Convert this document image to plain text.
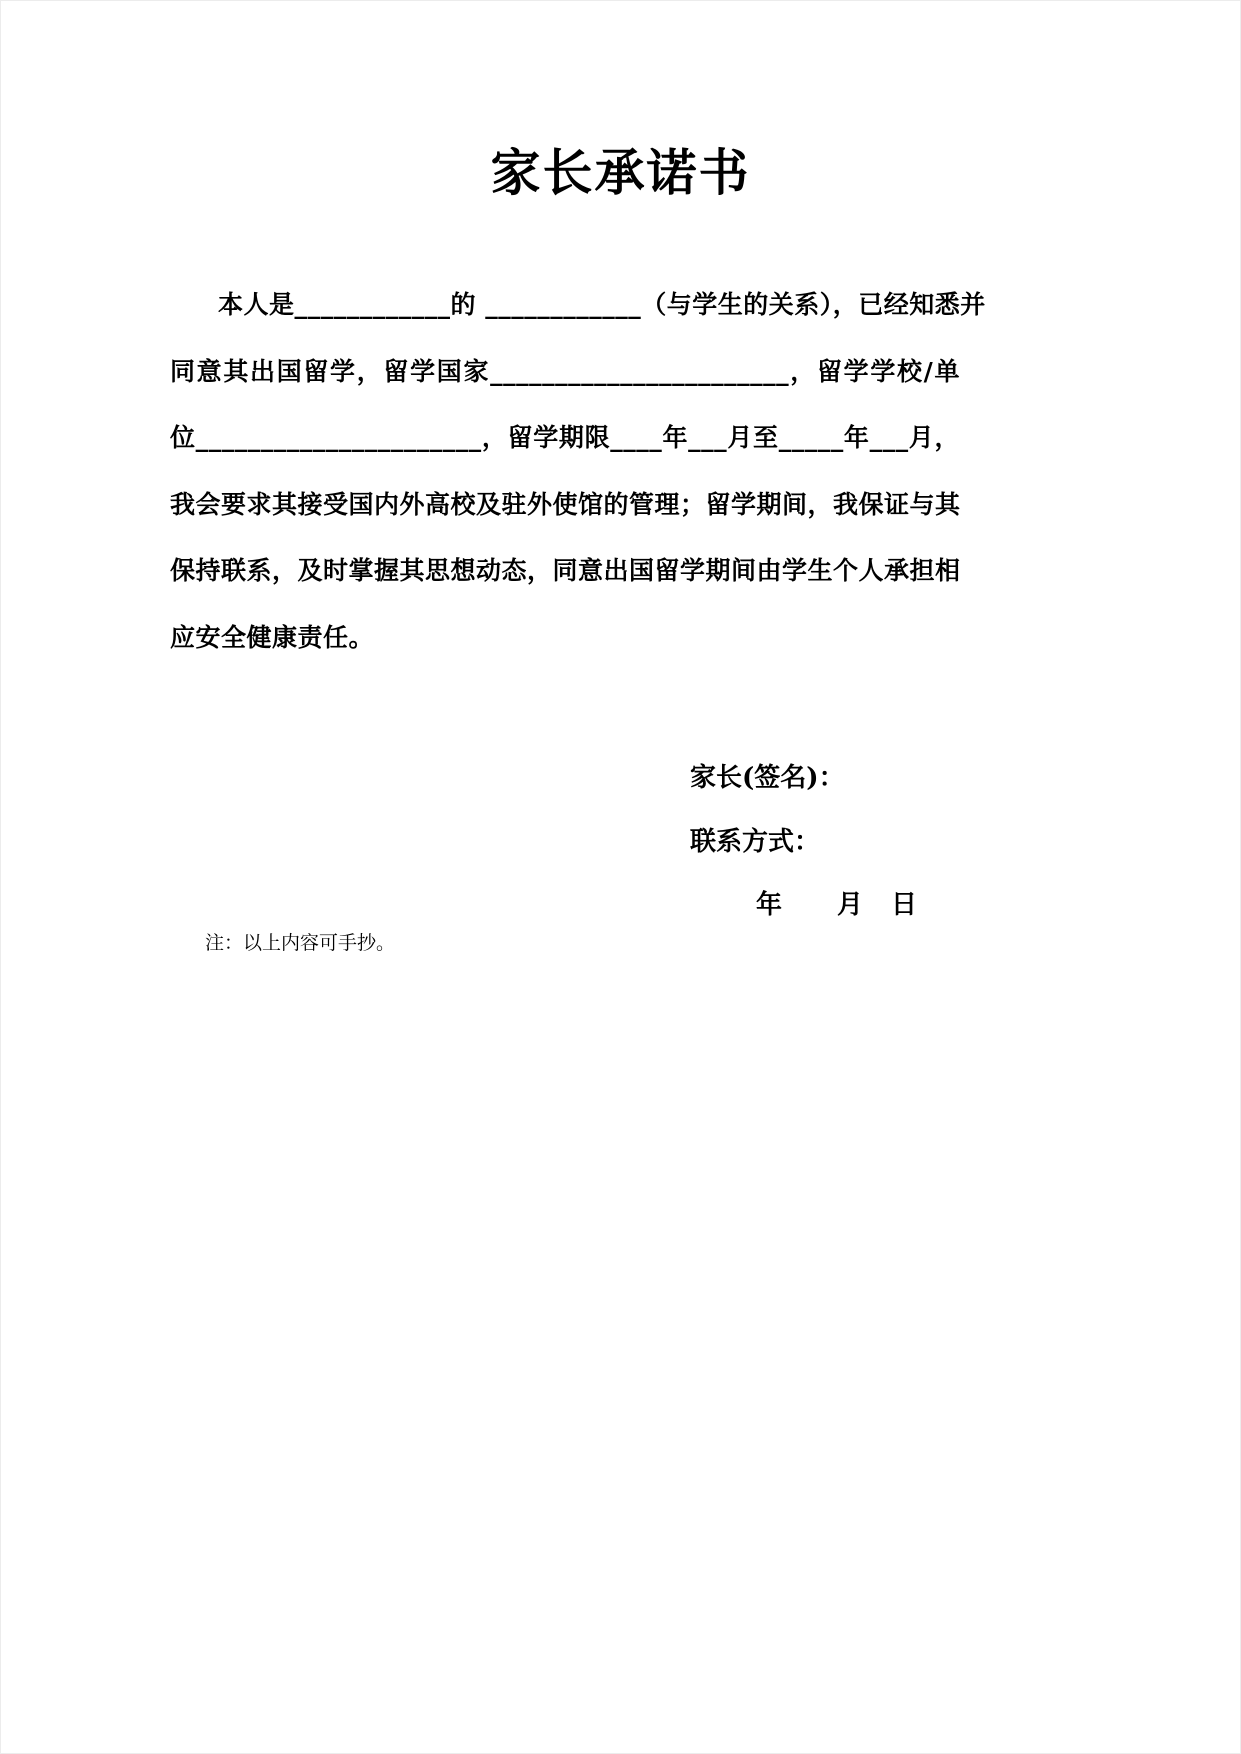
家长承诺书
本人是____________的 ____________（与学生的关系），已经知悉并
同意其出国留学，留学国家_______________________，留学学校/单
位______________________，留学期限____年___月至_____年___月，
我会要求其接受国内外高校及驻外使馆的管理；留学期间，我保证与其
保持联系，及时掌握其思想动态，同意出国留学期间由学生个人承担相
应安全健康责任。
家长(签名)：
联系方式：
年　　月　日
注：以上内容可手抄。
